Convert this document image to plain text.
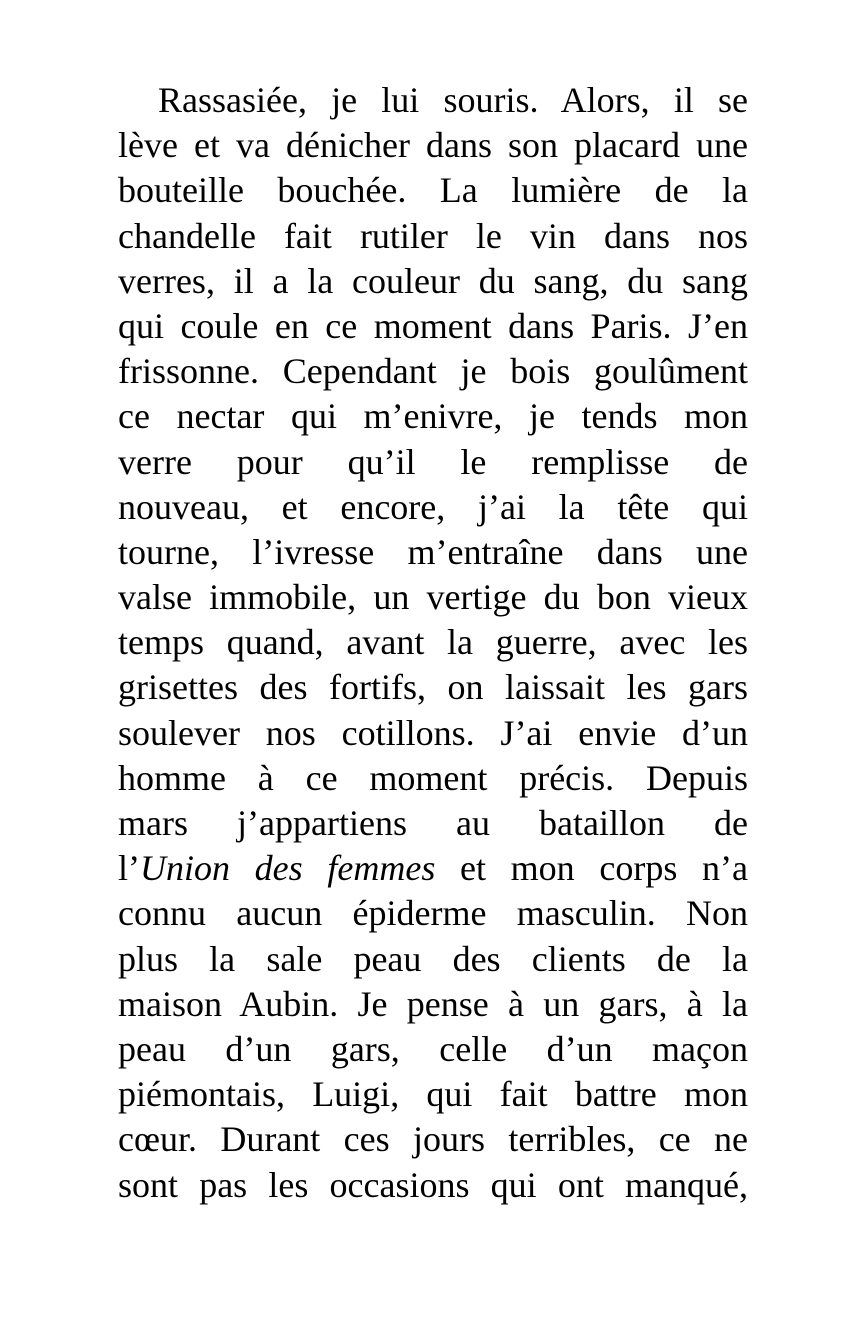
Rassasiée, je lui souris. Alors, il se
lève et va dénicher dans son placard une
bouteille bouchée. La lumière de la
chandelle fait rutiler le vin dans nos
verres, il a la couleur du sang, du sang
qui coule en ce moment dans Paris. J’en
frissonne. Cependant je bois goulûment
ce nectar qui m’enivre, je tends mon
verre pour qu’il le remplisse de
nouveau, et encore, j’ai la tête qui
tourne, l’ivresse m’entraîne dans une
valse immobile, un vertige du bon vieux
temps quand, avant la guerre, avec les
grisettes des fortifs, on laissait les gars
soulever nos cotillons. J’ai envie d’un
homme à ce moment précis. Depuis
mars j’appartiens au bataillon de
l’Union des femmes et mon corps n’a
connu aucun épiderme masculin. Non
plus la sale peau des clients de la
maison Aubin. Je pense à un gars, à la
peau d’un gars, celle d’un maçon
piémontais, Luigi, qui fait battre mon
cœur. Durant ces jours terribles, ce ne
sont pas les occasions qui ont manqué,
